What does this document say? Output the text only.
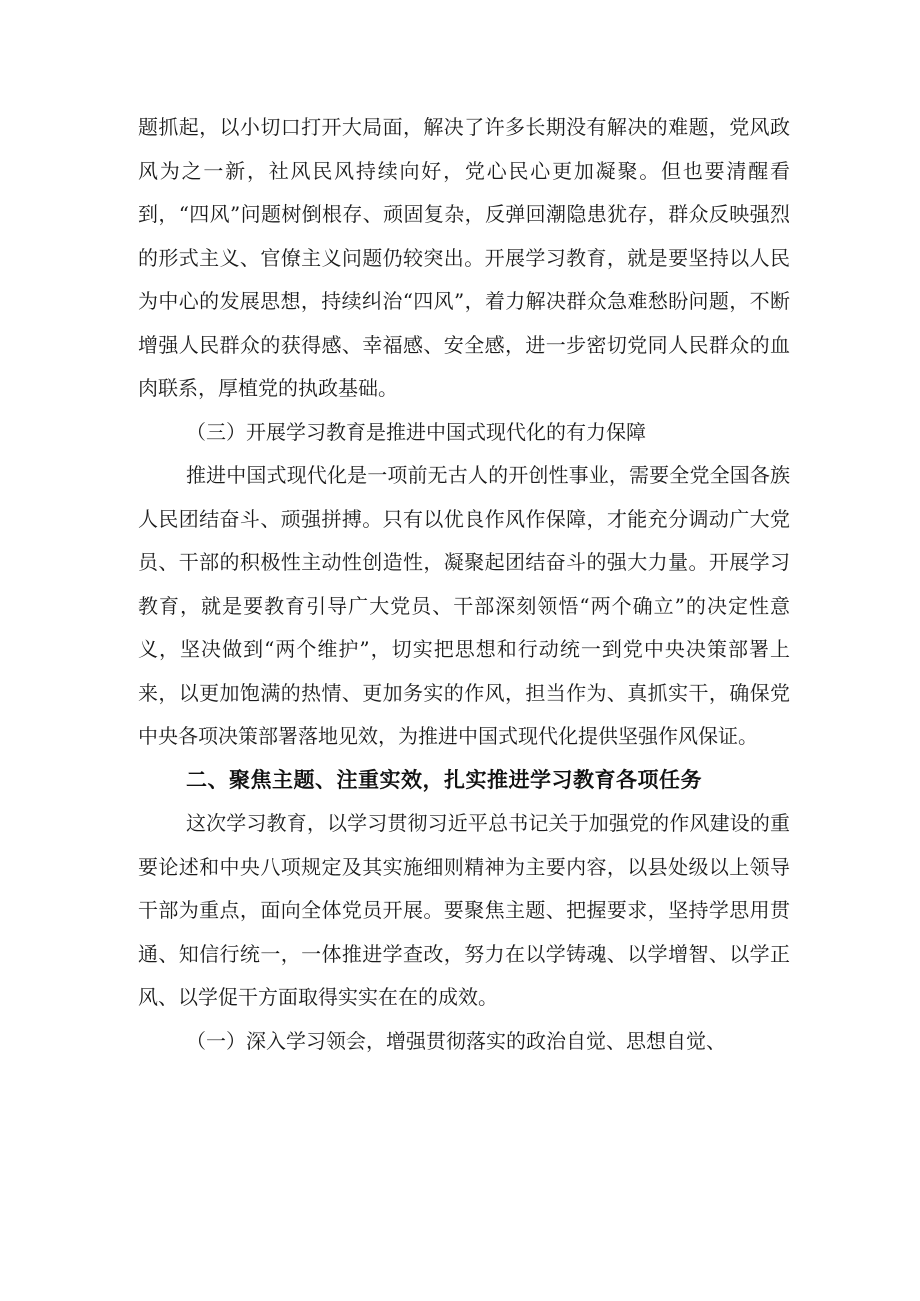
题抓起，以小切口打开大局面，解决了许多长期没有解决的难题，党风政风为之一新，社风民风持续向好，党心民心更加凝聚。但也要清醒看到，“四风”问题树倒根存、顽固复杂，反弹回潮隐患犹存，群众反映强烈的形式主义、官僚主义问题仍较突出。开展学习教育，就是要坚持以人民为中心的发展思想，持续纠治“四风”，着力解决群众急难愁盼问题，不断增强人民群众的获得感、幸福感、安全感，进一步密切党同人民群众的血肉联系，厚植党的执政基础。

（三）开展学习教育是推进中国式现代化的有力保障

推进中国式现代化是一项前无古人的开创性事业，需要全党全国各族人民团结奋斗、顽强拼搏。只有以优良作风作保障，才能充分调动广大党员、干部的积极性主动性创造性，凝聚起团结奋斗的强大力量。开展学习教育，就是要教育引导广大党员、干部深刻领悟“两个确立”的决定性意义，坚决做到“两个维护”，切实把思想和行动统一到党中央决策部署上来，以更加饱满的热情、更加务实的作风，担当作为、真抓实干，确保党中央各项决策部署落地见效，为推进中国式现代化提供坚强作风保证。

二、聚焦主题、注重实效，扎实推进学习教育各项任务

这次学习教育，以学习贯彻习近平总书记关于加强党的作风建设的重要论述和中央八项规定及其实施细则精神为主要内容，以县处级以上领导干部为重点，面向全体党员开展。要聚焦主题、把握要求，坚持学思用贯通、知信行统一，一体推进学查改，努力在以学铸魂、以学增智、以学正风、以学促干方面取得实实在在的成效。

（一）深入学习领会，增强贯彻落实的政治自觉、思想自觉、
